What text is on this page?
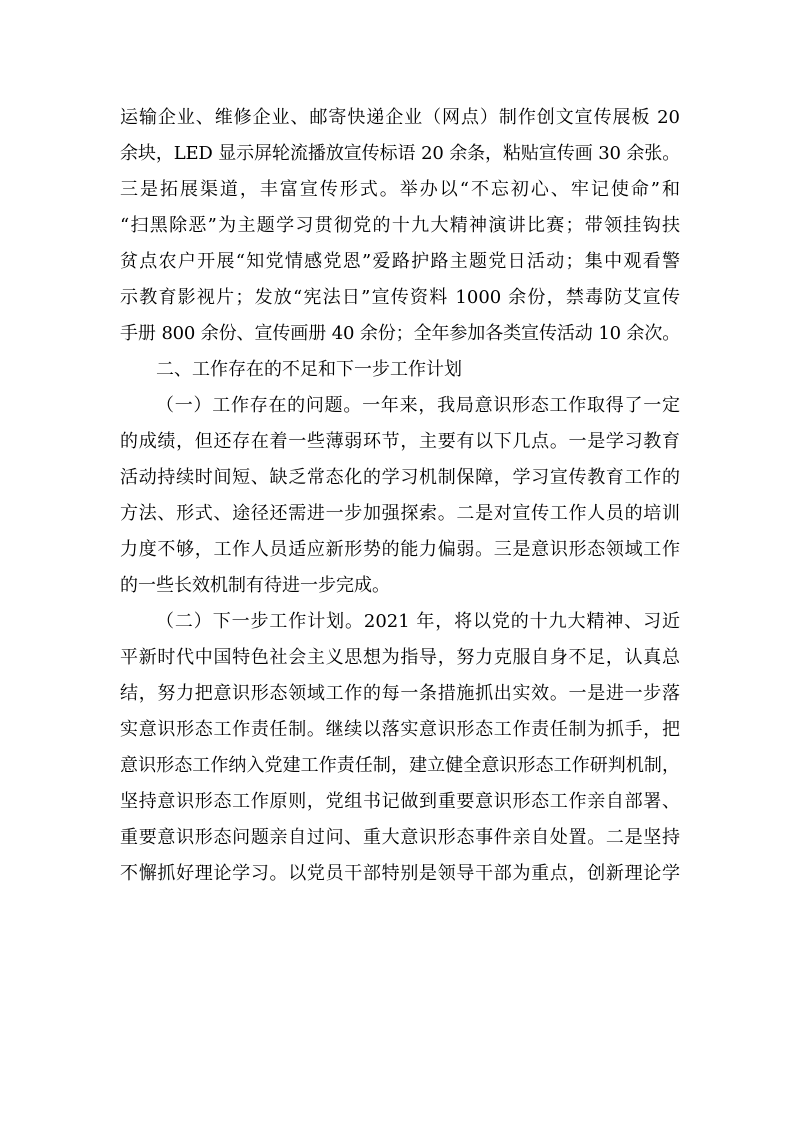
运输企业、维修企业、邮寄快递企业（网点）制作创文宣传展板 20
余块，LED 显示屏轮流播放宣传标语 20 余条，粘贴宣传画 30 余张。
三是拓展渠道，丰富宣传形式。举办以“不忘初心、牢记使命”和
“扫黑除恶”为主题学习贯彻党的十九大精神演讲比赛；带领挂钩扶
贫点农户开展“知党情感党恩”爱路护路主题党日活动；集中观看警
示教育影视片；发放“宪法日”宣传资料 1000 余份，禁毒防艾宣传
手册 800 余份、宣传画册 40 余份；全年参加各类宣传活动 10 余次。
二、工作存在的不足和下一步工作计划
（一）工作存在的问题。一年来，我局意识形态工作取得了一定
的成绩，但还存在着一些薄弱环节，主要有以下几点。一是学习教育
活动持续时间短、缺乏常态化的学习机制保障，学习宣传教育工作的
方法、形式、途径还需进一步加强探索。二是对宣传工作人员的培训
力度不够，工作人员适应新形势的能力偏弱。三是意识形态领域工作
的一些长效机制有待进一步完成。
（二）下一步工作计划。2021 年，将以党的十九大精神、习近
平新时代中国特色社会主义思想为指导，努力克服自身不足，认真总
结，努力把意识形态领域工作的每一条措施抓出实效。一是进一步落
实意识形态工作责任制。继续以落实意识形态工作责任制为抓手，把
意识形态工作纳入党建工作责任制，建立健全意识形态工作研判机制，
坚持意识形态工作原则，党组书记做到重要意识形态工作亲自部署、
重要意识形态问题亲自过问、重大意识形态事件亲自处置。二是坚持
不懈抓好理论学习。以党员干部特别是领导干部为重点，创新理论学
